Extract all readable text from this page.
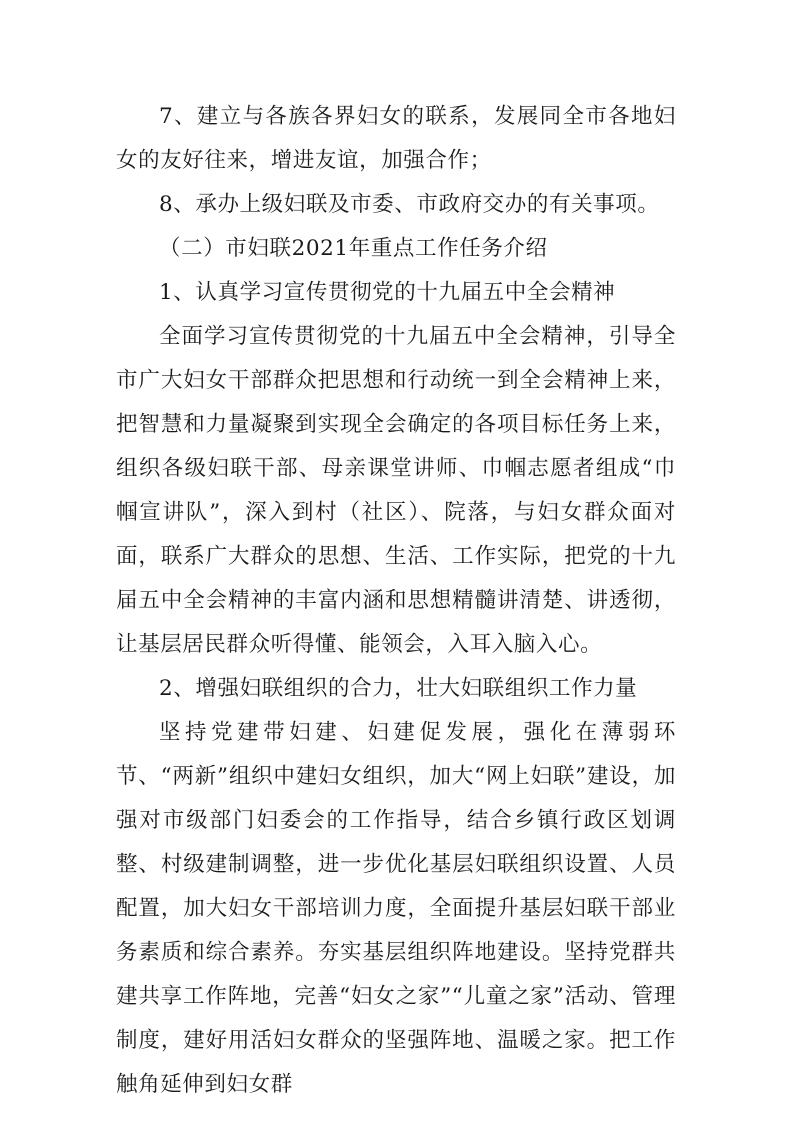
7、建立与各族各界妇女的联系，发展同全市各地妇女的友好往来，增进友谊，加强合作；

8、承办上级妇联及市委、市政府交办的有关事项。

（二）市妇联2021年重点工作任务介绍

1、认真学习宣传贯彻党的十九届五中全会精神

全面学习宣传贯彻党的十九届五中全会精神，引导全市广大妇女干部群众把思想和行动统一到全会精神上来，把智慧和力量凝聚到实现全会确定的各项目标任务上来，组织各级妇联干部、母亲课堂讲师、巾帼志愿者组成“巾帼宣讲队”，深入到村（社区）、院落，与妇女群众面对面，联系广大群众的思想、生活、工作实际，把党的十九届五中全会精神的丰富内涵和思想精髓讲清楚、讲透彻，让基层居民群众听得懂、能领会，入耳入脑入心。

2、增强妇联组织的合力，壮大妇联组织工作力量

坚持党建带妇建、妇建促发展，强化在薄弱环节、“两新”组织中建妇女组织，加大“网上妇联”建设，加强对市级部门妇委会的工作指导，结合乡镇行政区划调整、村级建制调整，进一步优化基层妇联组织设置、人员配置，加大妇女干部培训力度，全面提升基层妇联干部业务素质和综合素养。夯实基层组织阵地建设。坚持党群共建共享工作阵地，完善“妇女之家”“儿童之家”活动、管理制度，建好用活妇女群众的坚强阵地、温暖之家。把工作触角延伸到妇女群
